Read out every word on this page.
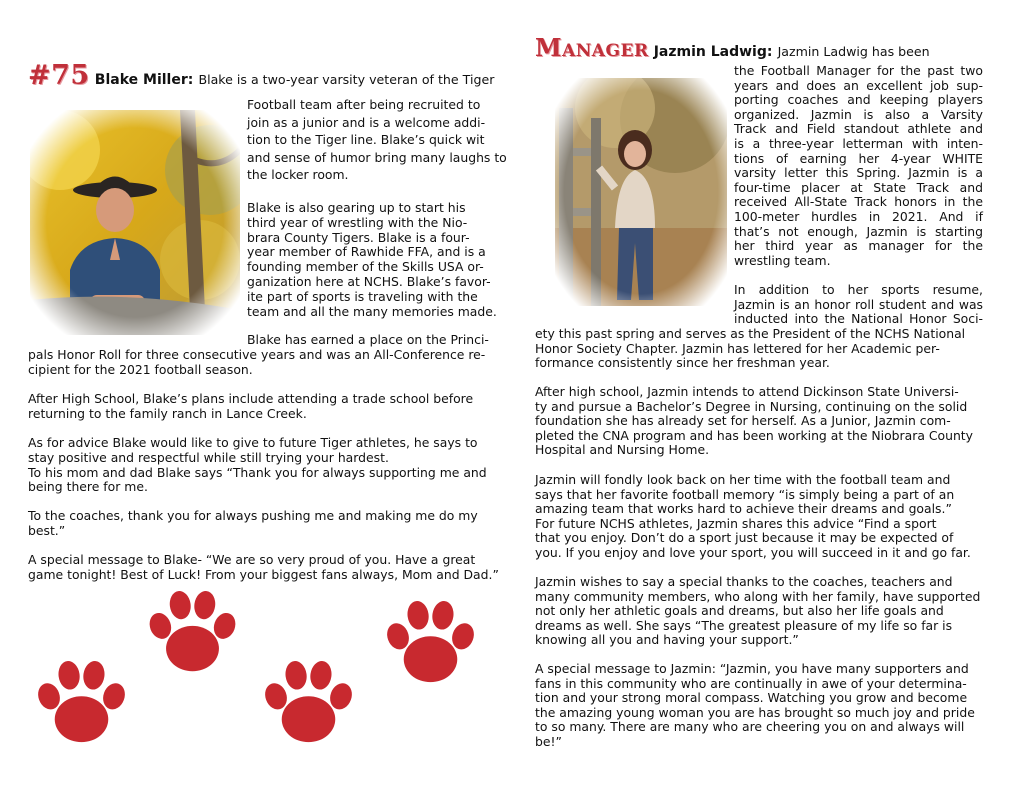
#75 Blake Miller: Blake is a two-year varsity veteran of the Tiger

Football team after being recruited to

join as a junior and is a welcome addi-

tion to the Tiger line. Blake’s quick wit

and sense of humor bring many laughs to

the locker room.

Blake is also gearing up to start his

third year of wrestling with the Nio-

brara County Tigers. Blake is a four-

year member of Rawhide FFA, and is a

founding member of the Skills USA or-

ganization here at NCHS. Blake’s favor-

ite part of sports is traveling with the

team and all the many memories made.

Blake has earned a place on the Princi-

pals Honor Roll for three consecutive years and was an All-Conference re-
cipient for the 2021 football season.

After High School, Blake’s plans include attending a trade school before
returning to the family ranch in Lance Creek.

As for advice Blake would like to give to future Tiger athletes, he says to
stay positive and respectful while still trying your hardest.
To his mom and dad Blake says “Thank you for always supporting me and
being there for me.

To the coaches, thank you for always pushing me and making me do my
best.”

A special message to Blake- “We are so very proud of you. Have a great
game tonight! Best of Luck! From your biggest fans always, Mom and Dad.”

Manager Jazmin Ladwig: Jazmin Ladwig has been

the Football Manager for the past two

years and does an excellent job sup-

porting coaches and keeping players

organized. Jazmin is also a Varsity

Track and Field standout athlete and

is a three-year letterman with inten-

tions of earning her 4-year WHITE

varsity letter this Spring. Jazmin is a

four-time placer at State Track and

received All-State Track honors in the

100-meter hurdles in 2021. And if

that’s not enough, Jazmin is starting

her third year as manager for the

wrestling team.

In addition to her sports resume,

Jazmin is an honor roll student and was

inducted into the National Honor Soci-

ety this past spring and serves as the President of the NCHS National
Honor Society Chapter. Jazmin has lettered for her Academic per-
formance consistently since her freshman year.

After high school, Jazmin intends to attend Dickinson State Universi-
ty and pursue a Bachelor’s Degree in Nursing, continuing on the solid
foundation she has already set for herself. As a Junior, Jazmin com-
pleted the CNA program and has been working at the Niobrara County
Hospital and Nursing Home.

Jazmin will fondly look back on her time with the football team and
says that her favorite football memory “is simply being a part of an
amazing team that works hard to achieve their dreams and goals.”
For future NCHS athletes, Jazmin shares this advice “Find a sport
that you enjoy. Don’t do a sport just because it may be expected of
you. If you enjoy and love your sport, you will succeed in it and go far.

Jazmin wishes to say a special thanks to the coaches, teachers and
many community members, who along with her family, have supported
not only her athletic goals and dreams, but also her life goals and
dreams as well. She says “The greatest pleasure of my life so far is
knowing all you and having your support.”

A special message to Jazmin: “Jazmin, you have many supporters and
fans in this community who are continually in awe of your determina-
tion and your strong moral compass. Watching you grow and become
the amazing young woman you are has brought so much joy and pride
to so many. There are many who are cheering you on and always will
be!”
